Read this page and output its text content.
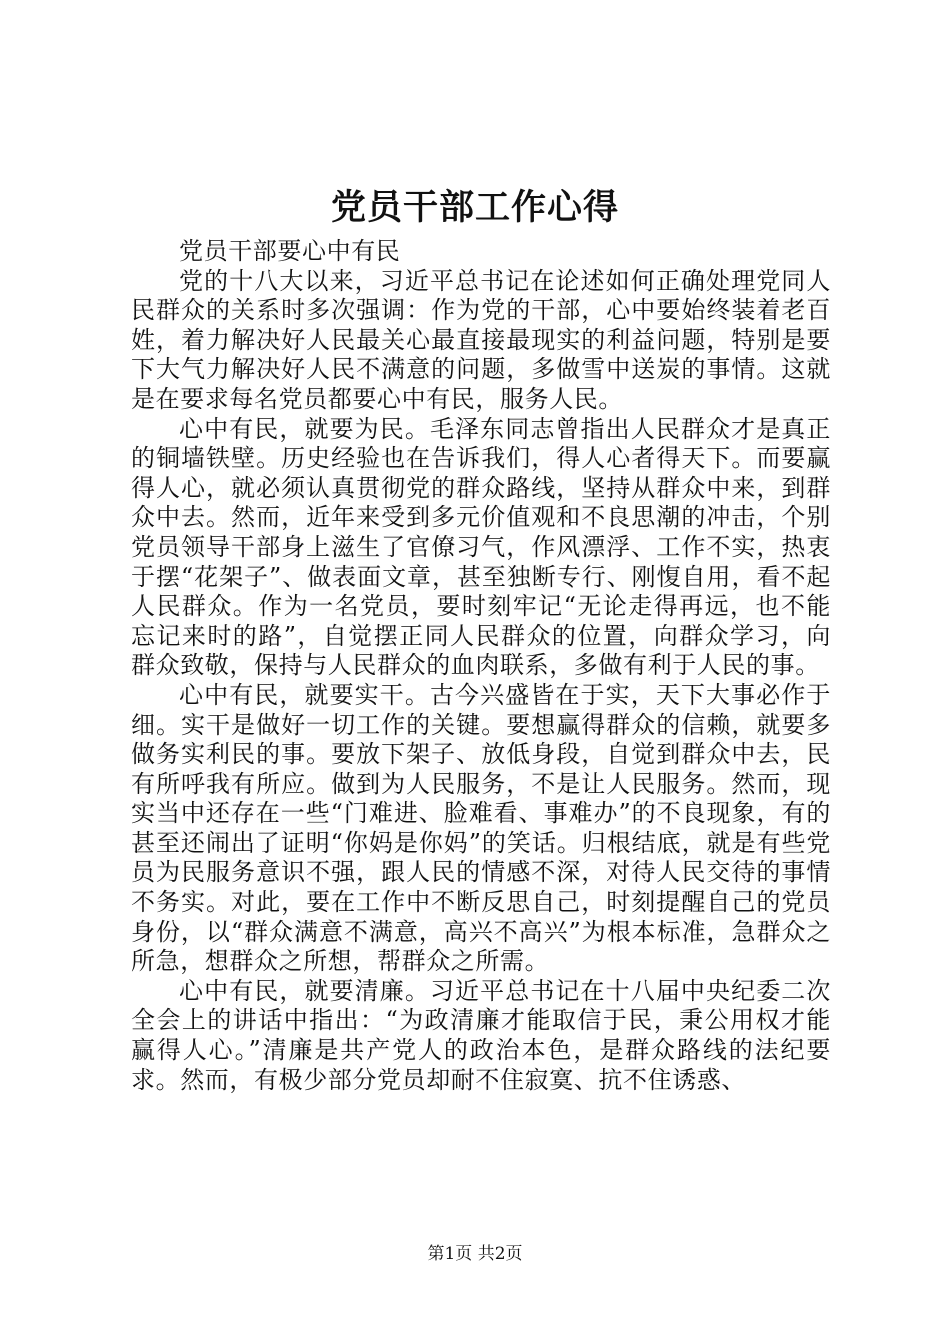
党员干部工作心得

党员干部要心中有民

党的十八大以来，习近平总书记在论述如何正确处理党同人民群众的关系时多次强调：作为党的干部，心中要始终装着老百姓，着力解决好人民最关心最直接最现实的利益问题，特别是要下大气力解决好人民不满意的问题，多做雪中送炭的事情。这就是在要求每名党员都要心中有民，服务人民。

心中有民，就要为民。毛泽东同志曾指出人民群众才是真正的铜墙铁壁。历史经验也在告诉我们，得人心者得天下。而要赢得人心，就必须认真贯彻党的群众路线，坚持从群众中来，到群众中去。然而，近年来受到多元价值观和不良思潮的冲击，个别党员领导干部身上滋生了官僚习气，作风漂浮、工作不实，热衷于摆“花架子”、做表面文章，甚至独断专行、刚愎自用，看不起人民群众。作为一名党员，要时刻牢记“无论走得再远，也不能忘记来时的路”，自觉摆正同人民群众的位置，向群众学习，向群众致敬，保持与人民群众的血肉联系，多做有利于人民的事。

心中有民，就要实干。古今兴盛皆在于实，天下大事必作于细。实干是做好一切工作的关键。要想赢得群众的信赖，就要多做务实利民的事。要放下架子、放低身段，自觉到群众中去，民有所呼我有所应。做到为人民服务，不是让人民服务。然而，现实当中还存在一些“门难进、脸难看、事难办”的不良现象，有的甚至还闹出了证明“你妈是你妈”的笑话。归根结底，就是有些党员为民服务意识不强，跟人民的情感不深，对待人民交待的事情不务实。对此，要在工作中不断反思自己，时刻提醒自己的党员身份，以“群众满意不满意，高兴不高兴”为根本标准，急群众之所急，想群众之所想，帮群众之所需。

心中有民，就要清廉。习近平总书记在十八届中央纪委二次全会上的讲话中指出：“为政清廉才能取信于民，秉公用权才能赢得人心。”清廉是共产党人的政治本色，是群众路线的法纪要求。然而，有极少部分党员却耐不住寂寞、抗不住诱惑、

第1页 共2页
